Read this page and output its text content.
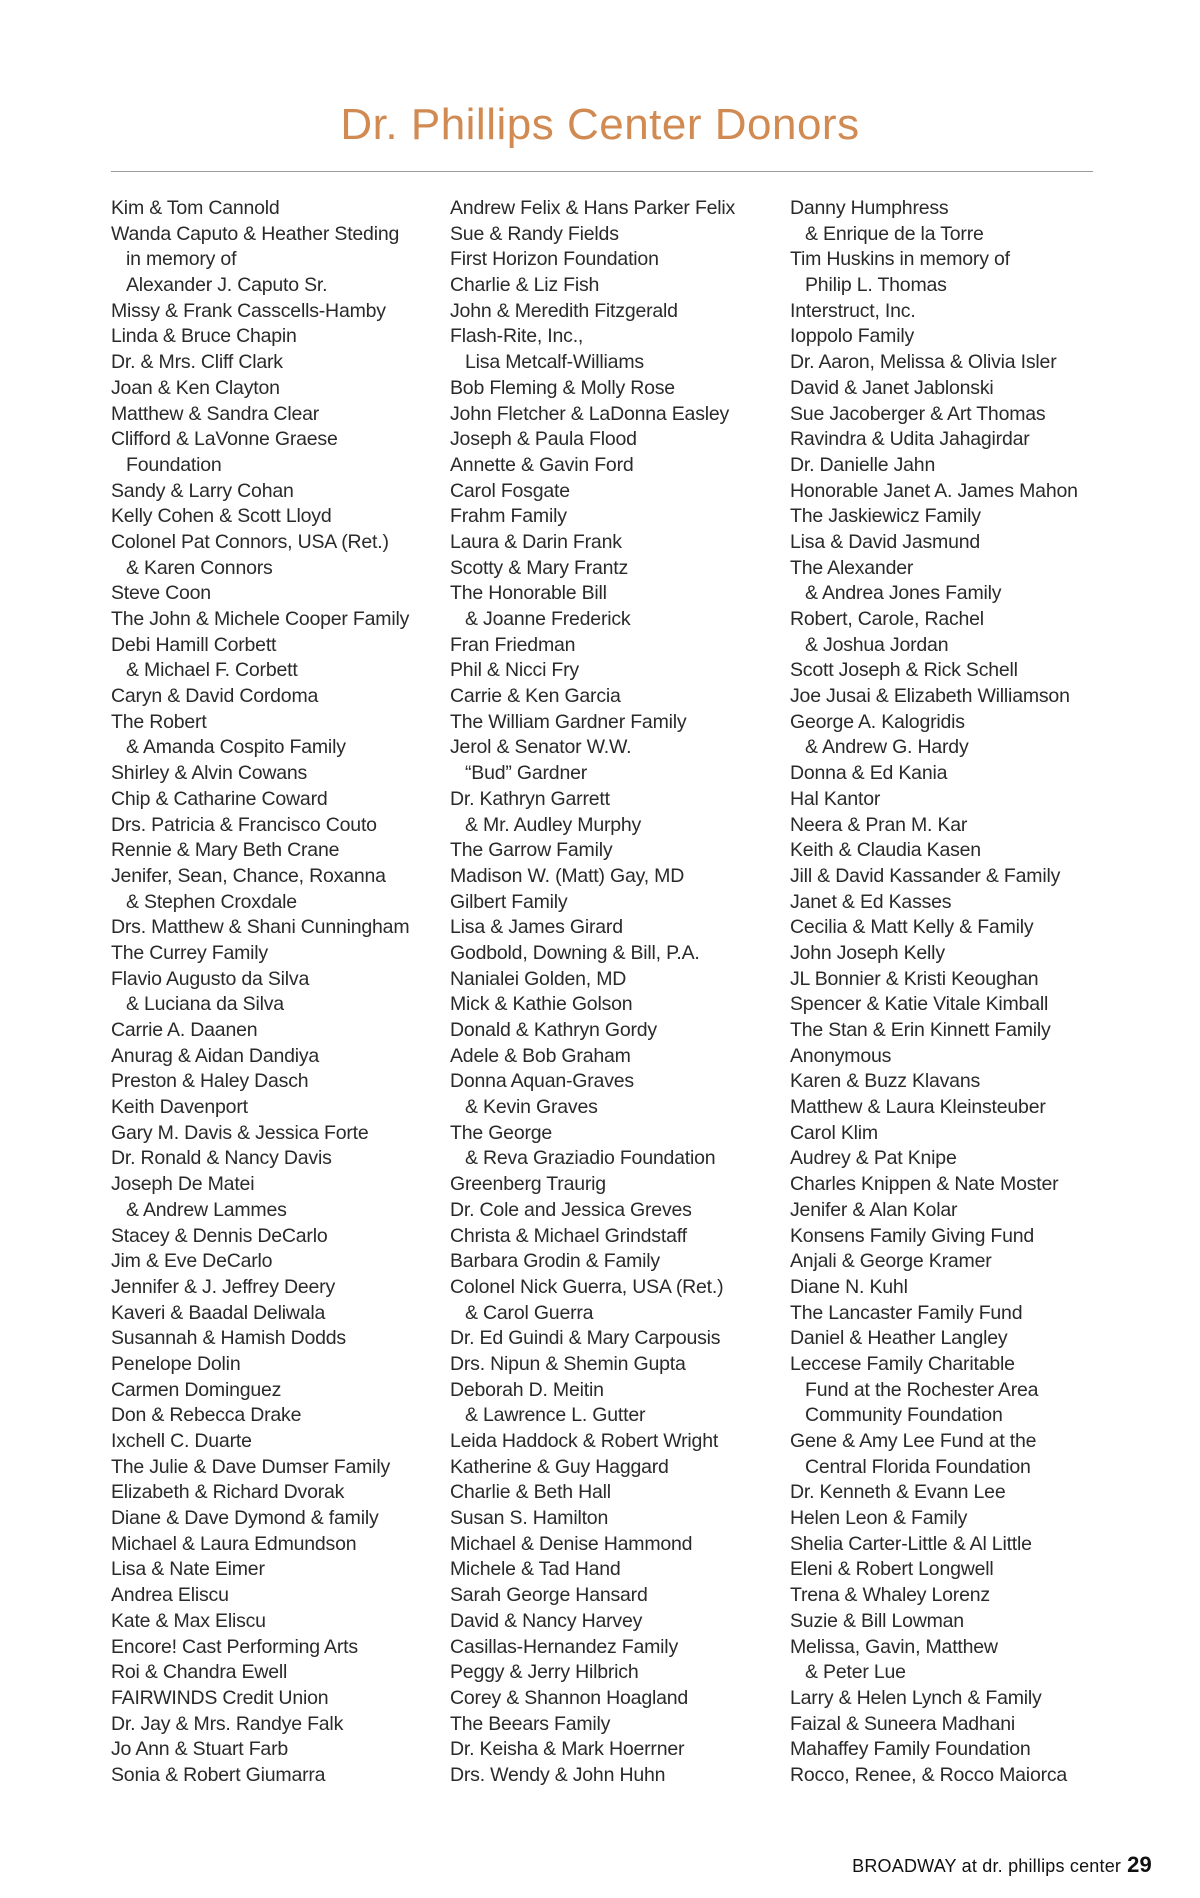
Dr. Phillips Center Donors
Kim & Tom Cannold
Wanda Caputo & Heather Steding
in memory of
Alexander J. Caputo Sr.
Missy & Frank Casscells-Hamby
Linda & Bruce Chapin
Dr. & Mrs. Cliff Clark
Joan & Ken Clayton
Matthew & Sandra Clear
Clifford & LaVonne Graese
Foundation
Sandy & Larry Cohan
Kelly Cohen & Scott Lloyd
Colonel Pat Connors, USA (Ret.)
& Karen Connors
Steve Coon
The John & Michele Cooper Family
Debi Hamill Corbett
& Michael F. Corbett
Caryn & David Cordoma
The Robert
& Amanda Cospito Family
Shirley & Alvin Cowans
Chip & Catharine Coward
Drs. Patricia & Francisco Couto
Rennie & Mary Beth Crane
Jenifer, Sean, Chance, Roxanna
& Stephen Croxdale
Drs. Matthew & Shani Cunningham
The Currey Family
Flavio Augusto da Silva
& Luciana da Silva
Carrie A. Daanen
Anurag & Aidan Dandiya
Preston & Haley Dasch
Keith Davenport
Gary M. Davis & Jessica Forte
Dr. Ronald & Nancy Davis
Joseph De Matei
& Andrew Lammes
Stacey & Dennis DeCarlo
Jim & Eve DeCarlo
Jennifer & J. Jeffrey Deery
Kaveri & Baadal Deliwala
Susannah & Hamish Dodds
Penelope Dolin
Carmen Dominguez
Don & Rebecca Drake
Ixchell C. Duarte
The Julie & Dave Dumser Family
Elizabeth & Richard Dvorak
Diane & Dave Dymond & family
Michael & Laura Edmundson
Lisa & Nate Eimer
Andrea Eliscu
Kate & Max Eliscu
Encore! Cast Performing Arts
Roi & Chandra Ewell
FAIRWINDS Credit Union
Dr. Jay & Mrs. Randye Falk
Jo Ann & Stuart Farb
Sonia & Robert Giumarra
Andrew Felix & Hans Parker Felix
Sue & Randy Fields
First Horizon Foundation
Charlie & Liz Fish
John & Meredith Fitzgerald
Flash-Rite, Inc.,
Lisa Metcalf-Williams
Bob Fleming & Molly Rose
John Fletcher & LaDonna Easley
Joseph & Paula Flood
Annette & Gavin Ford
Carol Fosgate
Frahm Family
Laura & Darin Frank
Scotty & Mary Frantz
The Honorable Bill
& Joanne Frederick
Fran Friedman
Phil & Nicci Fry
Carrie & Ken Garcia
The William Gardner Family
Jerol & Senator W.W.
“Bud” Gardner
Dr. Kathryn Garrett
& Mr. Audley Murphy
The Garrow Family
Madison W. (Matt) Gay, MD
Gilbert Family
Lisa & James Girard
Godbold, Downing & Bill, P.A.
Nanialei Golden, MD
Mick & Kathie Golson
Donald & Kathryn Gordy
Adele & Bob Graham
Donna Aquan-Graves
& Kevin Graves
The George
& Reva Graziadio Foundation
Greenberg Traurig
Dr. Cole and Jessica Greves
Christa & Michael Grindstaff
Barbara Grodin & Family
Colonel Nick Guerra, USA (Ret.)
& Carol Guerra
Dr. Ed Guindi & Mary Carpousis
Drs. Nipun & Shemin Gupta
Deborah D. Meitin
& Lawrence L. Gutter
Leida Haddock & Robert Wright
Katherine & Guy Haggard
Charlie & Beth Hall
Susan S. Hamilton
Michael & Denise Hammond
Michele & Tad Hand
Sarah George Hansard
David & Nancy Harvey
Casillas-Hernandez Family
Peggy & Jerry Hilbrich
Corey & Shannon Hoagland
The Beears Family
Dr. Keisha & Mark Hoerrner
Drs. Wendy & John Huhn
Danny Humphress
& Enrique de la Torre
Tim Huskins in memory of
Philip L. Thomas
Interstruct, Inc.
Ioppolo Family
Dr. Aaron, Melissa & Olivia Isler
David & Janet Jablonski
Sue Jacoberger & Art Thomas
Ravindra & Udita Jahagirdar
Dr. Danielle Jahn
Honorable Janet A. James Mahon
The Jaskiewicz Family
Lisa & David Jasmund
The Alexander
& Andrea Jones Family
Robert, Carole, Rachel
& Joshua Jordan
Scott Joseph & Rick Schell
Joe Jusai & Elizabeth Williamson
George A. Kalogridis
& Andrew G. Hardy
Donna & Ed Kania
Hal Kantor
Neera & Pran M. Kar
Keith & Claudia Kasen
Jill & David Kassander & Family
Janet & Ed Kasses
Cecilia & Matt Kelly & Family
John Joseph Kelly
JL Bonnier & Kristi Keoughan
Spencer & Katie Vitale Kimball
The Stan & Erin Kinnett Family
Anonymous
Karen & Buzz Klavans
Matthew & Laura Kleinsteuber
Carol Klim
Audrey & Pat Knipe
Charles Knippen & Nate Moster
Jenifer & Alan Kolar
Konsens Family Giving Fund
Anjali & George Kramer
Diane N. Kuhl
The Lancaster Family Fund
Daniel & Heather Langley
Leccese Family Charitable
Fund at the Rochester Area
Community Foundation
Gene & Amy Lee Fund at the
Central Florida Foundation
Dr. Kenneth & Evann Lee
Helen Leon & Family
Shelia Carter-Little & Al Little
Eleni & Robert Longwell
Trena & Whaley Lorenz
Suzie & Bill Lowman
Melissa, Gavin, Matthew
& Peter Lue
Larry & Helen Lynch & Family
Faizal & Suneera Madhani
Mahaffey Family Foundation
Rocco, Renee, & Rocco Maiorca
BROADWAY at dr. phillips center 29
